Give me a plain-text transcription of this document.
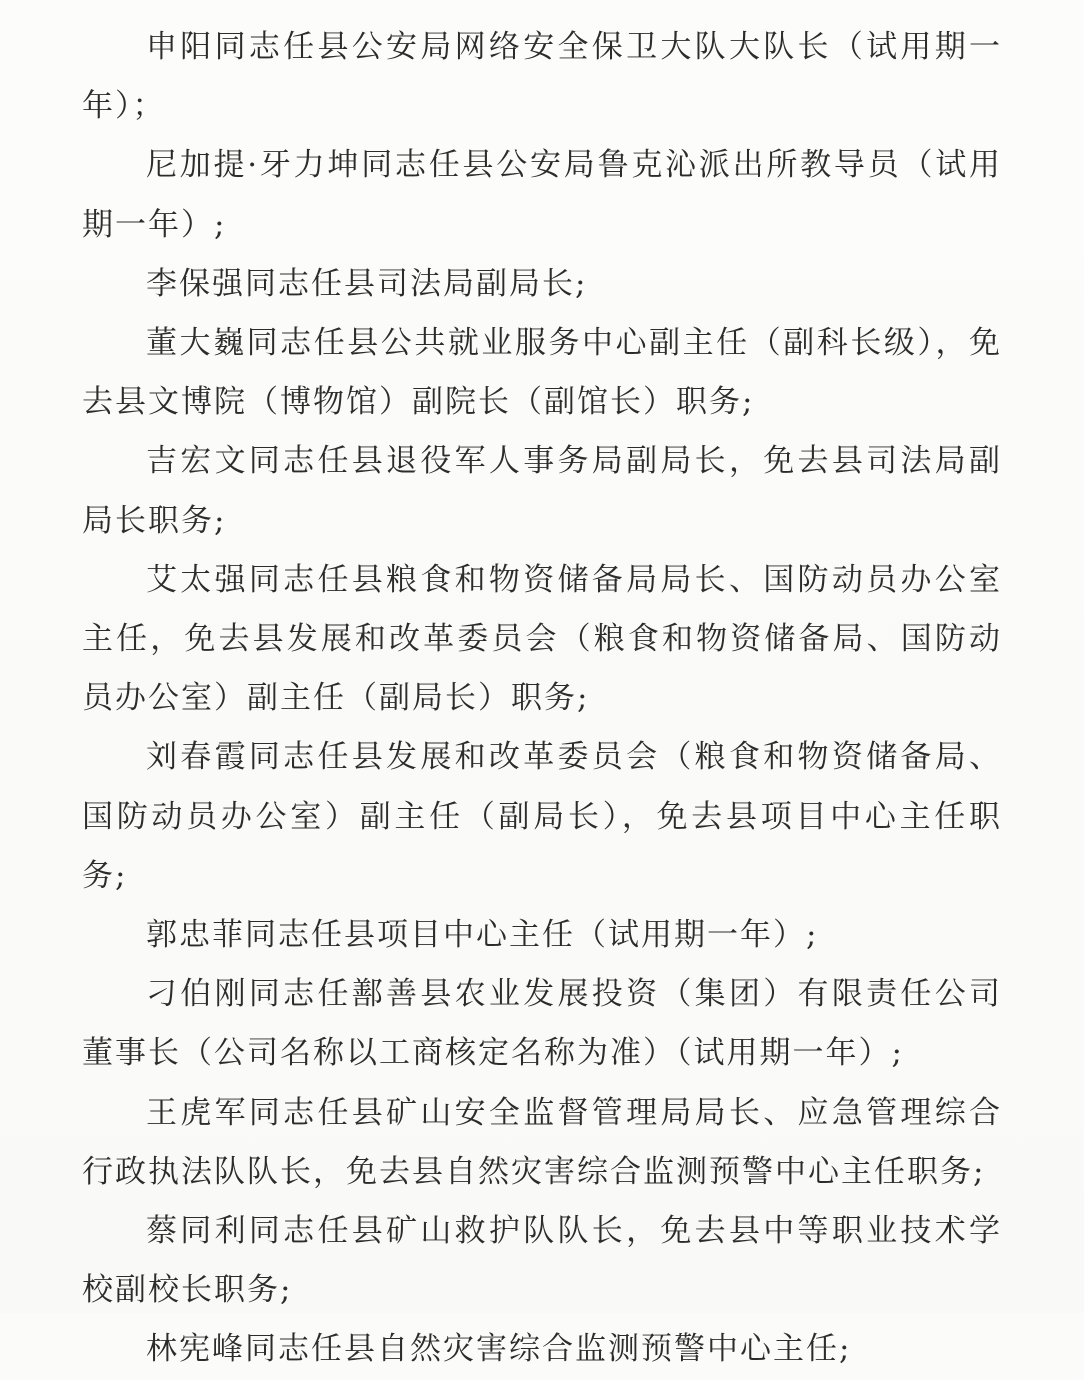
申阳同志任县公安局网络安全保卫大队大队长（试用期一年）；

尼加提·牙力坤同志任县公安局鲁克沁派出所教导员（试用期一年）;

李保强同志任县司法局副局长;

董大巍同志任县公共就业服务中心副主任（副科长级），免去县文博院（博物馆）副院长（副馆长）职务;

吉宏文同志任县退役军人事务局副局长，免去县司法局副局长职务;

艾太强同志任县粮食和物资储备局局长、国防动员办公室主任，免去县发展和改革委员会（粮食和物资储备局、国防动员办公室）副主任（副局长）职务;

刘春霞同志任县发展和改革委员会（粮食和物资储备局、国防动员办公室）副主任（副局长），免去县项目中心主任职务;

郭忠菲同志任县项目中心主任（试用期一年）;

刁伯刚同志任鄯善县农业发展投资（集团）有限责任公司董事长（公司名称以工商核定名称为准）（试用期一年）;

王虎军同志任县矿山安全监督管理局局长、应急管理综合行政执法队队长，免去县自然灾害综合监测预警中心主任职务;

蔡同利同志任县矿山救护队队长，免去县中等职业技术学校副校长职务;

林宪峰同志任县自然灾害综合监测预警中心主任;
